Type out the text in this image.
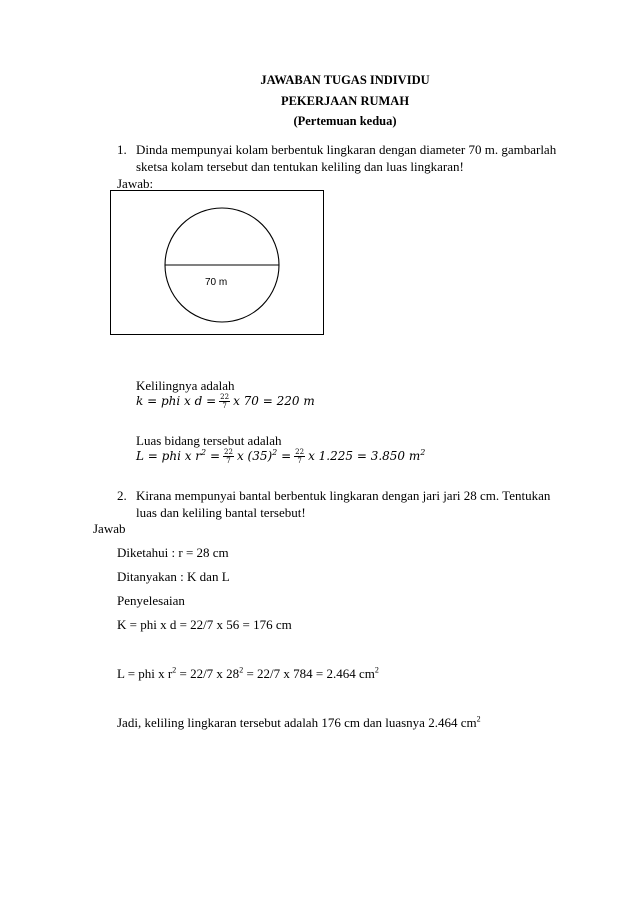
JAWABAN TUGAS INDIVIDU
PEKERJAAN RUMAH
(Pertemuan kedua)
1. Dinda mempunyai kolam berbentuk lingkaran dengan diameter 70 m. gambarlah
sketsa kolam tersebut dan tentukan keliling dan luas lingkaran!
Jawab:
70 m
Kelilingnya adalah
k = phi x $d = \frac{22}{7}$ x 70 = 220 m
Luas bidang tersebut adalah
L = phi x $r^2 = \frac{22}{7}$ x $(35)^2 = \frac{22}{7}$ x 1.225 = 3.850 $m^2$
2. Kirana mempunyai bantal berbentuk lingkaran dengan jari jari 28 cm. Tentukan
luas dan keliling bantal tersebut!
Jawab
Diketahui : r = 28 cm
Ditanyakan : K dan L
Penyelesaian
K = phi x d = 22/7 x 56 = 176 cm
L = phi x $r^2 = 22/7$ x $28^2 = 22/7$ x 784 = 2.464 $cm^2$
Jadi, keliling lingkaran tersebut adalah 176 cm dan luasnya 2.464 $cm^2$
